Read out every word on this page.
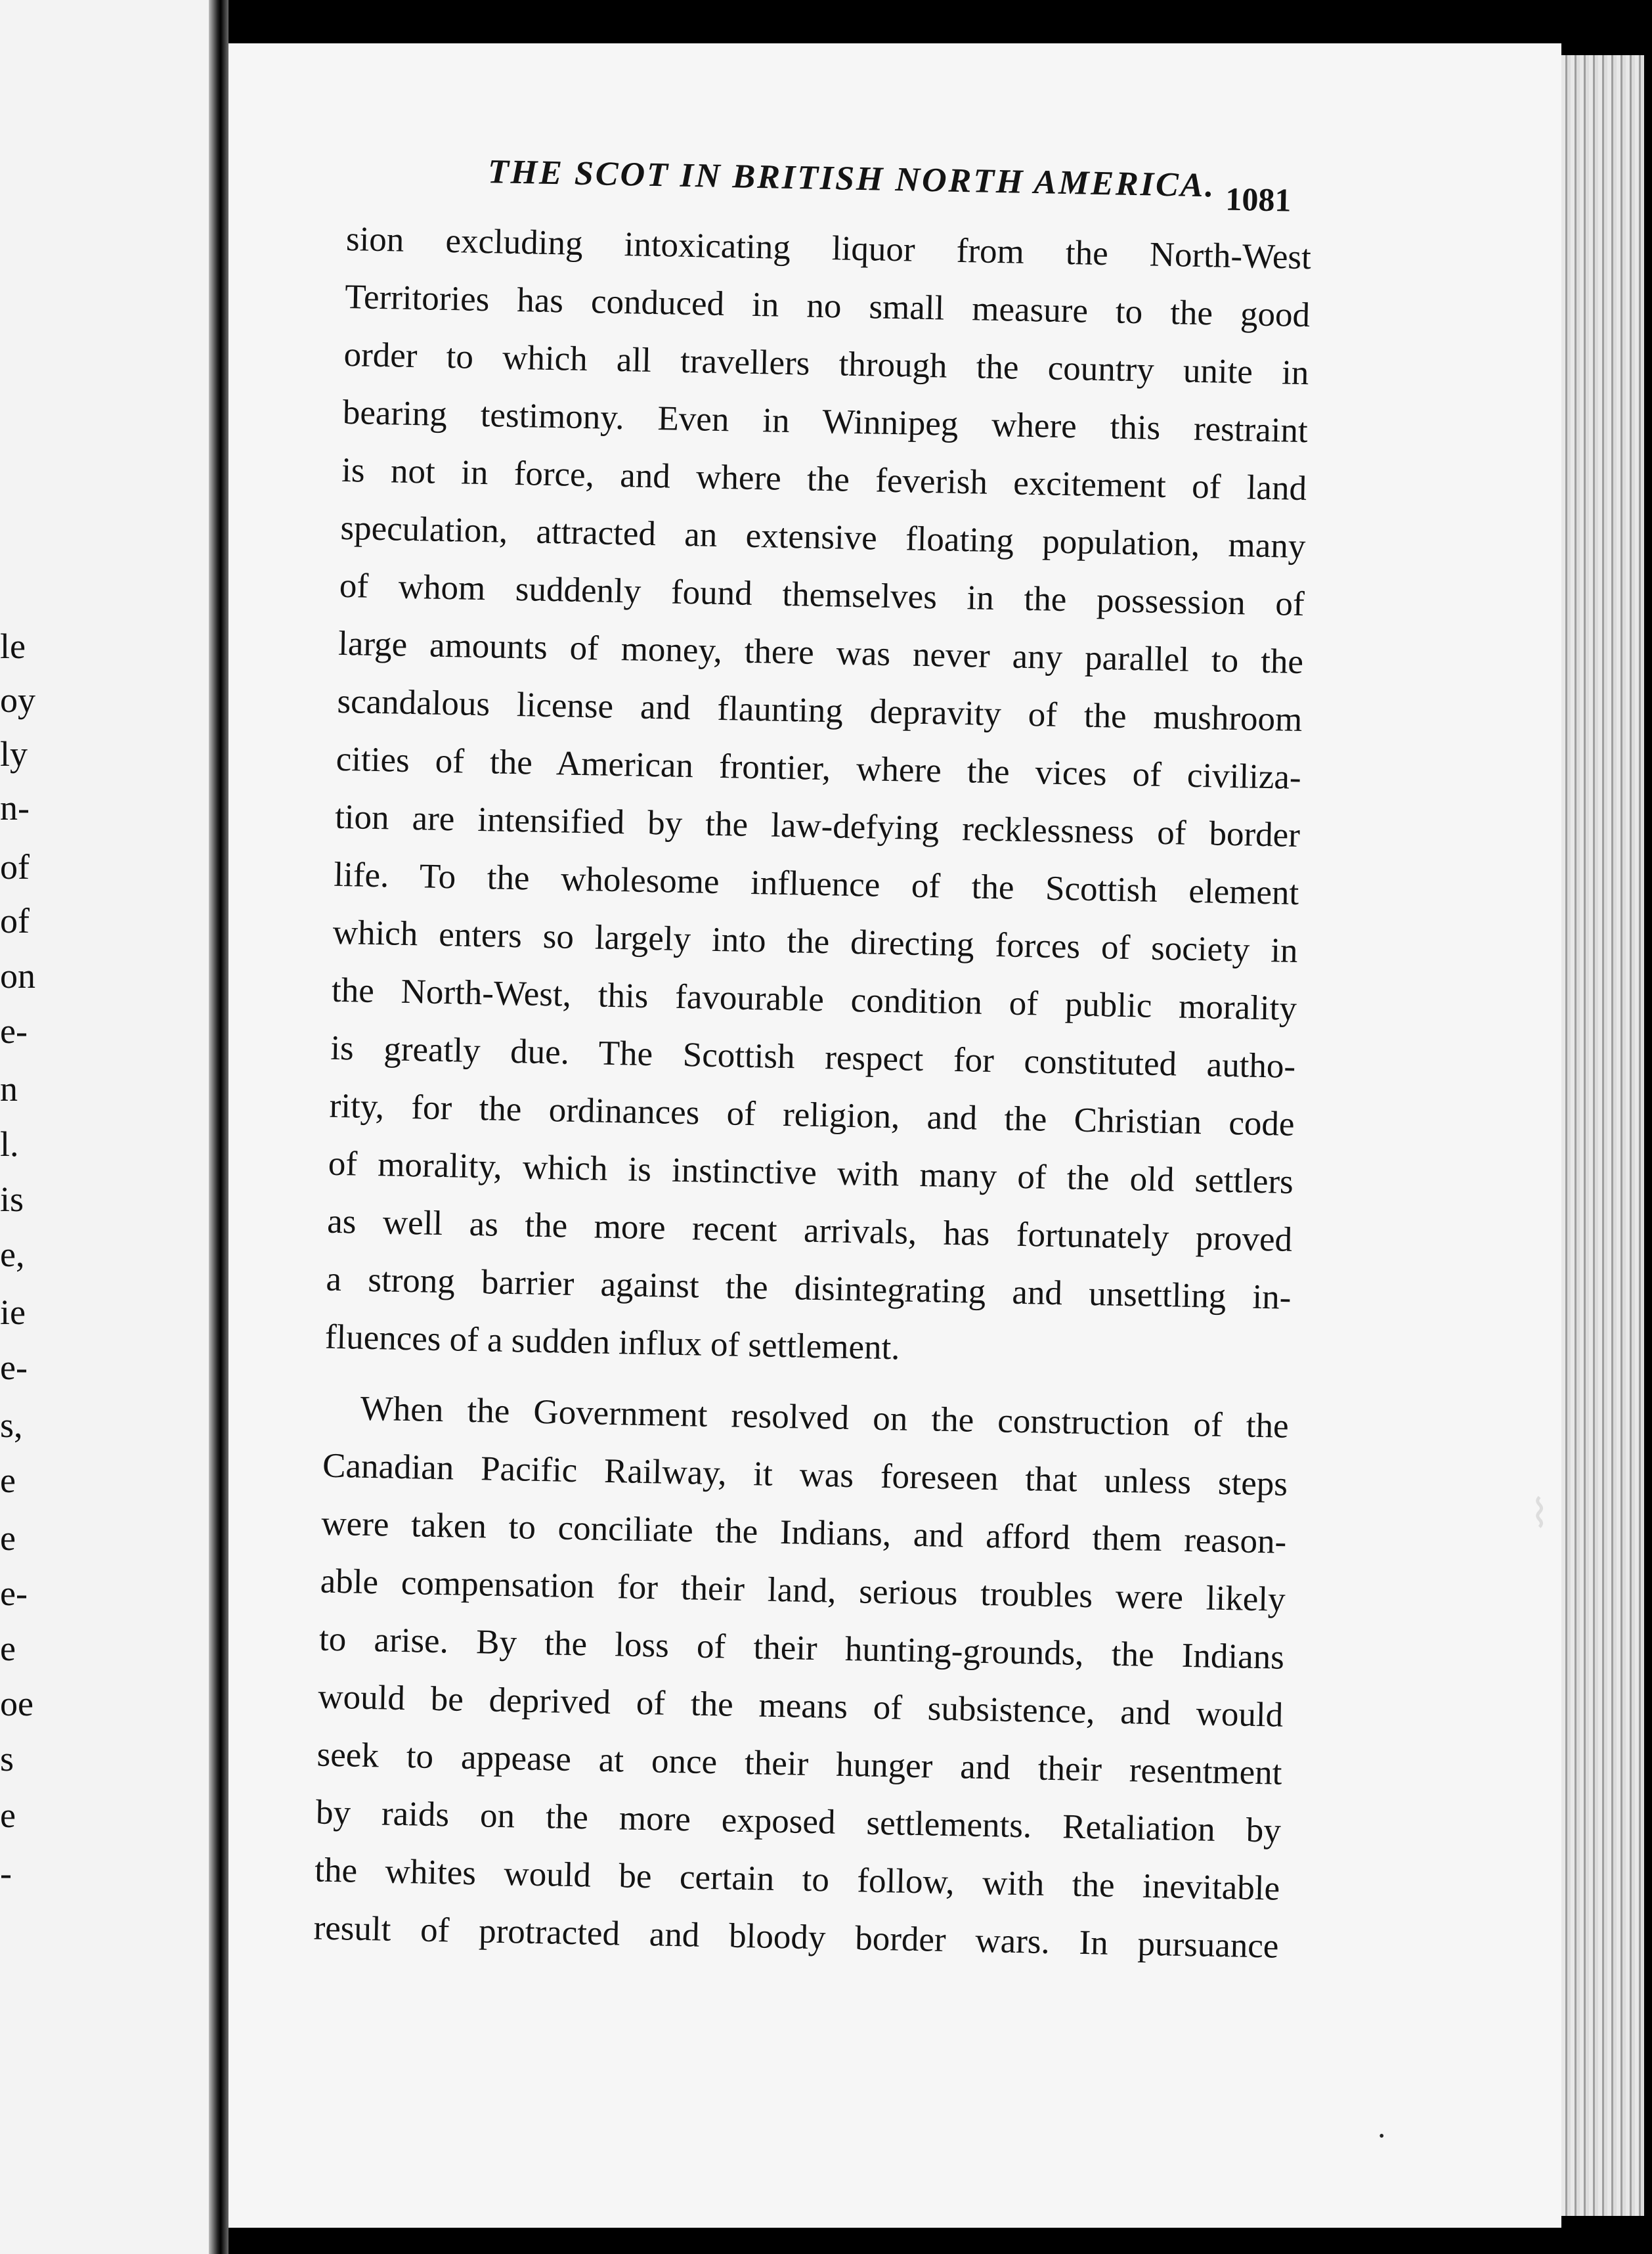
le
oy
ly
n-
of
of
on
e-
n
l.
is
e,
ie
e-
s,
e
e
e-
e
oe
s
e
-
THE SCOT IN BRITISH NORTH AMERICA. 1081
sion excluding intoxicating liquor from the North-West
Territories has conduced in no small measure to the good
order to which all travellers through the country unite in
bearing testimony. Even in Winnipeg where this restraint
is not in force, and where the feverish excitement of land
speculation, attracted an extensive floating population, many
of whom suddenly found themselves in the possession of
large amounts of money, there was never any parallel to the
scandalous license and flaunting depravity of the mushroom
cities of the American frontier, where the vices of civiliza-
tion are intensified by the law-defying recklessness of border
life. To the wholesome influence of the Scottish element
which enters so largely into the directing forces of society in
the North-West, this favourable condition of public morality
is greatly due. The Scottish respect for constituted autho-
rity, for the ordinances of religion, and the Christian code
of morality, which is instinctive with many of the old settlers
as well as the more recent arrivals, has fortunately proved
a strong barrier against the disintegrating and unsettling in-
fluences of a sudden influx of settlement.
When the Government resolved on the construction of the
Canadian Pacific Railway, it was foreseen that unless steps
were taken to conciliate the Indians, and afford them reason-
able compensation for their land, serious troubles were likely
to arise. By the loss of their hunting-grounds, the Indians
would be deprived of the means of subsistence, and would
seek to appease at once their hunger and their resentment
by raids on the more exposed settlements. Retaliation by
the whites would be certain to follow, with the inevitable
result of protracted and bloody border wars. In pursuance
⌇
•
